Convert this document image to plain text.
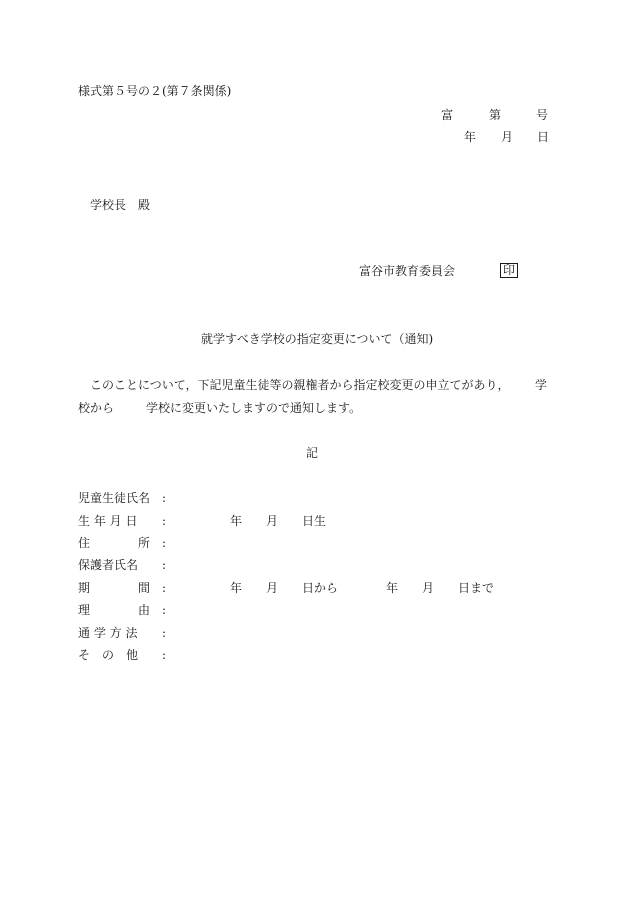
様式第５号の２(第７条関係)
富	第	号
年 月 日
学校長　殿
富谷市教育委員会	印
就学すべき学校の指定変更について（通知)
このことについて，下記児童生徒等の親権者から指定校変更の申立てがあり， 学
校から	学校に変更いたしますので通知します。
記
児童生徒氏名 :
生 年 月 日	:	年　　月　　日生
住　　　　所 :
保護者氏名	:
期　　　　間 :	年　　月　　日から　　　　年　　月　　日まで
理　　　　由 :
通 学 方 法	:
そ　の　他	:
